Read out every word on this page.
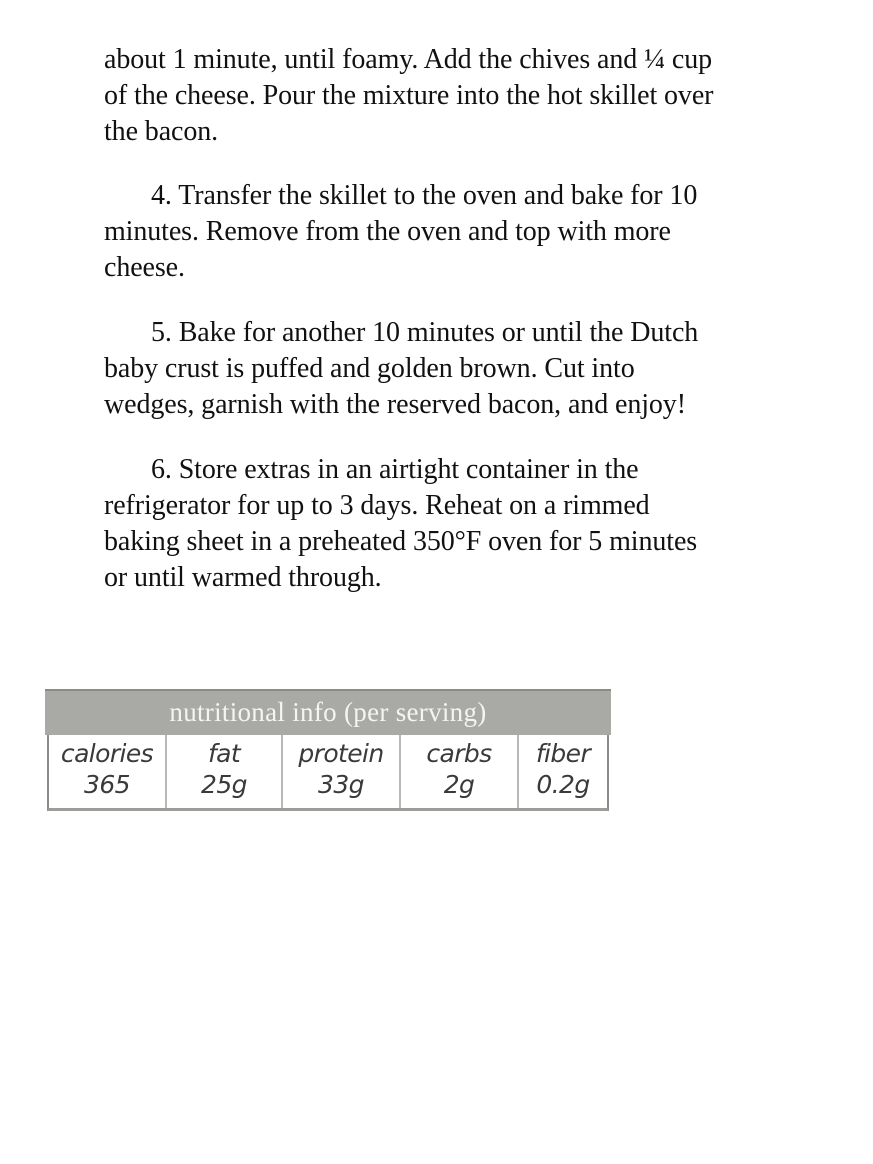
about 1 minute, until foamy. Add the chives and ¼ cup
of the cheese. Pour the mixture into the hot skillet over
the bacon.
4. Transfer the skillet to the oven and bake for 10
minutes. Remove from the oven and top with more
cheese.
5. Bake for another 10 minutes or until the Dutch
baby crust is puffed and golden brown. Cut into
wedges, garnish with the reserved bacon, and enjoy!
6. Store extras in an airtight container in the
refrigerator for up to 3 days. Reheat on a rimmed
baking sheet in a preheated 350°F oven for 5 minutes
or until warmed through.
nutritional info (per serving)
calories
365
fat
25g
protein
33g
carbs
2g
fiber
0.2g
